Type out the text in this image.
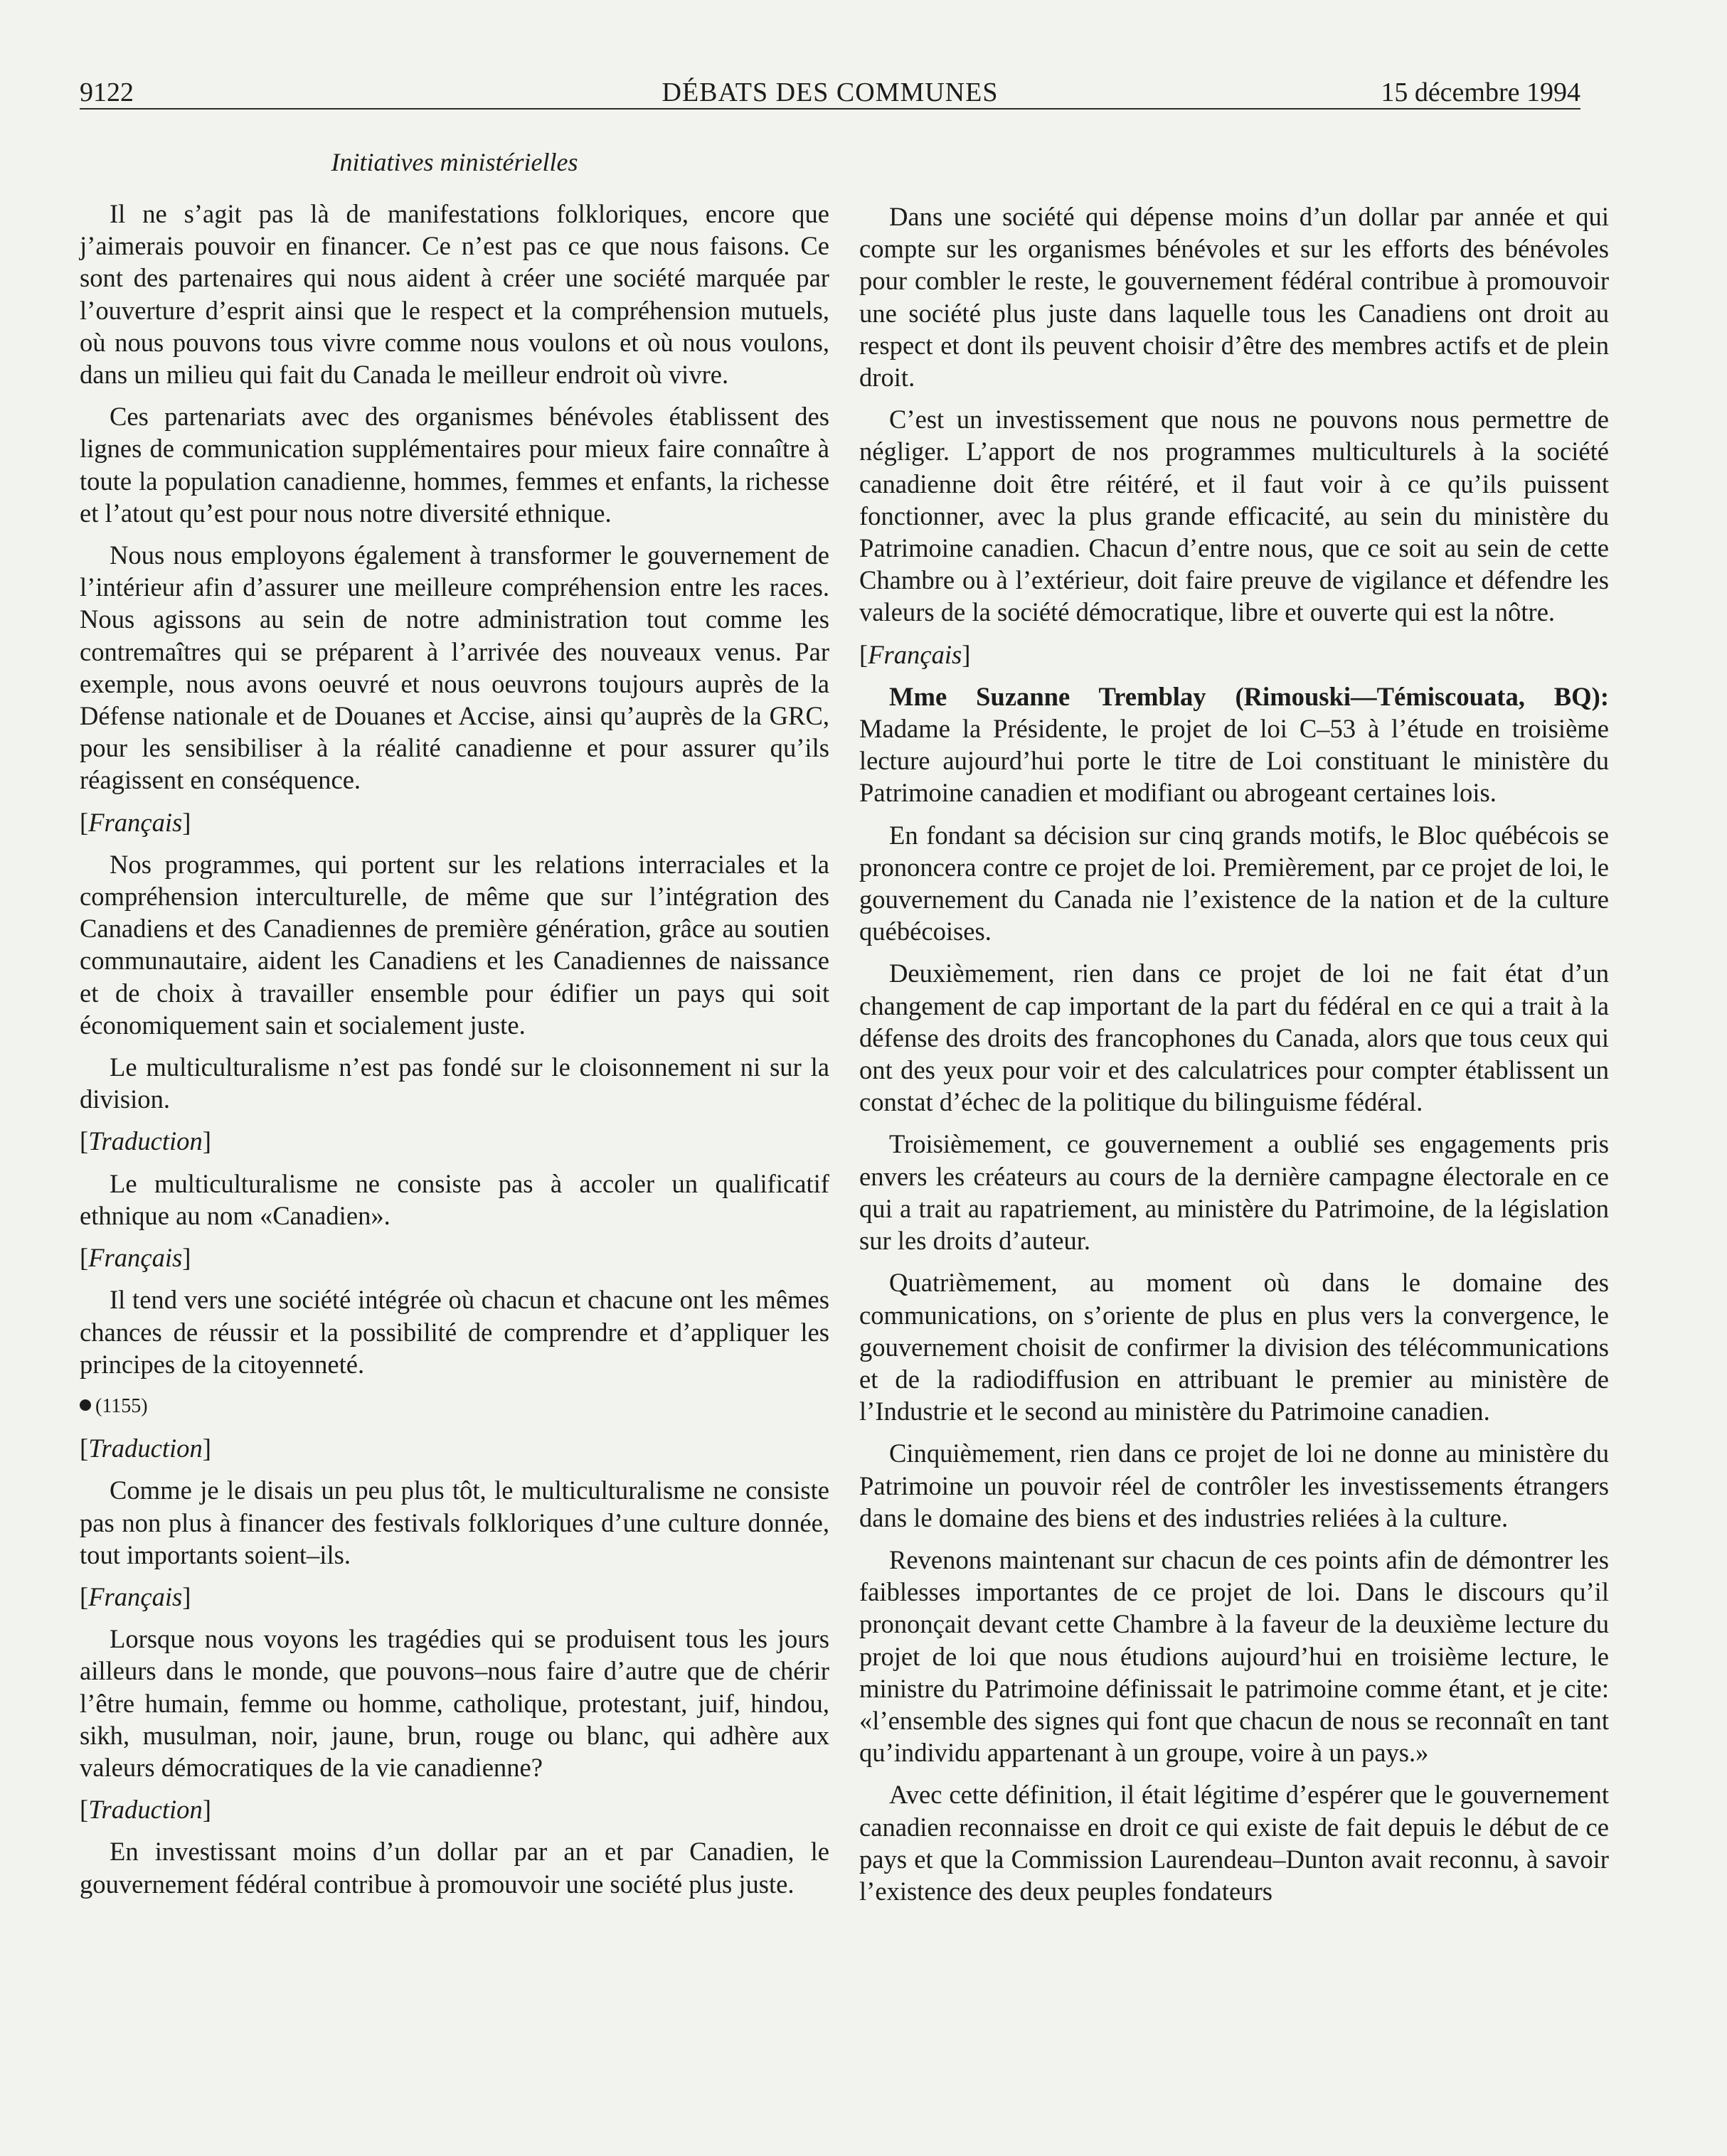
9122	DÉBATS DES COMMUNES	15 décembre 1994
Initiatives ministérielles

Il ne s’agit pas là de manifestations folkloriques, encore que j’aimerais pouvoir en financer. Ce n’est pas ce que nous faisons. Ce sont des partenaires qui nous aident à créer une société marquée par l’ouverture d’esprit ainsi que le respect et la compréhension mutuels, où nous pouvons tous vivre comme nous voulons et où nous voulons, dans un milieu qui fait du Canada le meilleur endroit où vivre.

Ces partenariats avec des organismes bénévoles établissent des lignes de communication supplémentaires pour mieux faire connaître à toute la population canadienne, hommes, femmes et enfants, la richesse et l’atout qu’est pour nous notre diversité ethnique.

Nous nous employons également à transformer le gouvernement de l’intérieur afin d’assurer une meilleure compréhension entre les races. Nous agissons au sein de notre administration tout comme les contremaîtres qui se préparent à l’arrivée des nouveaux venus. Par exemple, nous avons oeuvré et nous oeuvrons toujours auprès de la Défense nationale et de Douanes et Accise, ainsi qu’auprès de la GRC, pour les sensibiliser à la réalité canadienne et pour assurer qu’ils réagissent en conséquence.

[Français]

Nos programmes, qui portent sur les relations interraciales et la compréhension interculturelle, de même que sur l’intégration des Canadiens et des Canadiennes de première génération, grâce au soutien communautaire, aident les Canadiens et les Canadiennes de naissance et de choix à travailler ensemble pour édifier un pays qui soit économiquement sain et socialement juste.

Le multiculturalisme n’est pas fondé sur le cloisonnement ni sur la division.

[Traduction]

Le multiculturalisme ne consiste pas à accoler un qualificatif ethnique au nom «Canadien».

[Français]

Il tend vers une société intégrée où chacun et chacune ont les mêmes chances de réussir et la possibilité de comprendre et d’appliquer les principes de la citoyenneté.

(1155)
[Traduction]

Comme je le disais un peu plus tôt, le multiculturalisme ne consiste pas non plus à financer des festivals folkloriques d’une culture donnée, tout importants soient–ils.

[Français]

Lorsque nous voyons les tragédies qui se produisent tous les jours ailleurs dans le monde, que pouvons–nous faire d’autre que de chérir l’être humain, femme ou homme, catholique, protestant, juif, hindou, sikh, musulman, noir, jaune, brun, rouge ou blanc, qui adhère aux valeurs démocratiques de la vie canadienne?

[Traduction]

En investissant moins d’un dollar par an et par Canadien, le gouvernement fédéral contribue à promouvoir une société plus juste.

Dans une société qui dépense moins d’un dollar par année et qui compte sur les organismes bénévoles et sur les efforts des bénévoles pour combler le reste, le gouvernement fédéral contribue à promouvoir une société plus juste dans laquelle tous les Canadiens ont droit au respect et dont ils peuvent choisir d’être des membres actifs et de plein droit.

C’est un investissement que nous ne pouvons nous permettre de négliger. L’apport de nos programmes multiculturels à la société canadienne doit être réitéré, et il faut voir à ce qu’ils puissent fonctionner, avec la plus grande efficacité, au sein du ministère du Patrimoine canadien. Chacun d’entre nous, que ce soit au sein de cette Chambre ou à l’extérieur, doit faire preuve de vigilance et défendre les valeurs de la société démocratique, libre et ouverte qui est la nôtre.

[Français]

Mme Suzanne Tremblay (Rimouski—Témiscouata, BQ): Madame la Présidente, le projet de loi C–53 à l’étude en troisième lecture aujourd’hui porte le titre de Loi constituant le ministère du Patrimoine canadien et modifiant ou abrogeant certaines lois.

En fondant sa décision sur cinq grands motifs, le Bloc québécois se prononcera contre ce projet de loi. Premièrement, par ce projet de loi, le gouvernement du Canada nie l’existence de la nation et de la culture québécoises.

Deuxièmement, rien dans ce projet de loi ne fait état d’un changement de cap important de la part du fédéral en ce qui a trait à la défense des droits des francophones du Canada, alors que tous ceux qui ont des yeux pour voir et des calculatrices pour compter établissent un constat d’échec de la politique du bilinguisme fédéral.

Troisièmement, ce gouvernement a oublié ses engagements pris envers les créateurs au cours de la dernière campagne électorale en ce qui a trait au rapatriement, au ministère du Patrimoine, de la législation sur les droits d’auteur.

Quatrièmement, au moment où dans le domaine des communications, on s’oriente de plus en plus vers la convergence, le gouvernement choisit de confirmer la division des télécommunications et de la radiodiffusion en attribuant le premier au ministère de l’Industrie et le second au ministère du Patrimoine canadien.

Cinquièmement, rien dans ce projet de loi ne donne au ministère du Patrimoine un pouvoir réel de contrôler les investissements étrangers dans le domaine des biens et des industries reliées à la culture.

Revenons maintenant sur chacun de ces points afin de démontrer les faiblesses importantes de ce projet de loi. Dans le discours qu’il prononçait devant cette Chambre à la faveur de la deuxième lecture du projet de loi que nous étudions aujourd’hui en troisième lecture, le ministre du Patrimoine définissait le patrimoine comme étant, et je cite: «l’ensemble des signes qui font que chacun de nous se reconnaît en tant qu’individu appartenant à un groupe, voire à un pays.»

Avec cette définition, il était légitime d’espérer que le gouvernement canadien reconnaisse en droit ce qui existe de fait depuis le début de ce pays et que la Commission Laurendeau–Dunton avait reconnu, à savoir l’existence des deux peuples fondateurs
